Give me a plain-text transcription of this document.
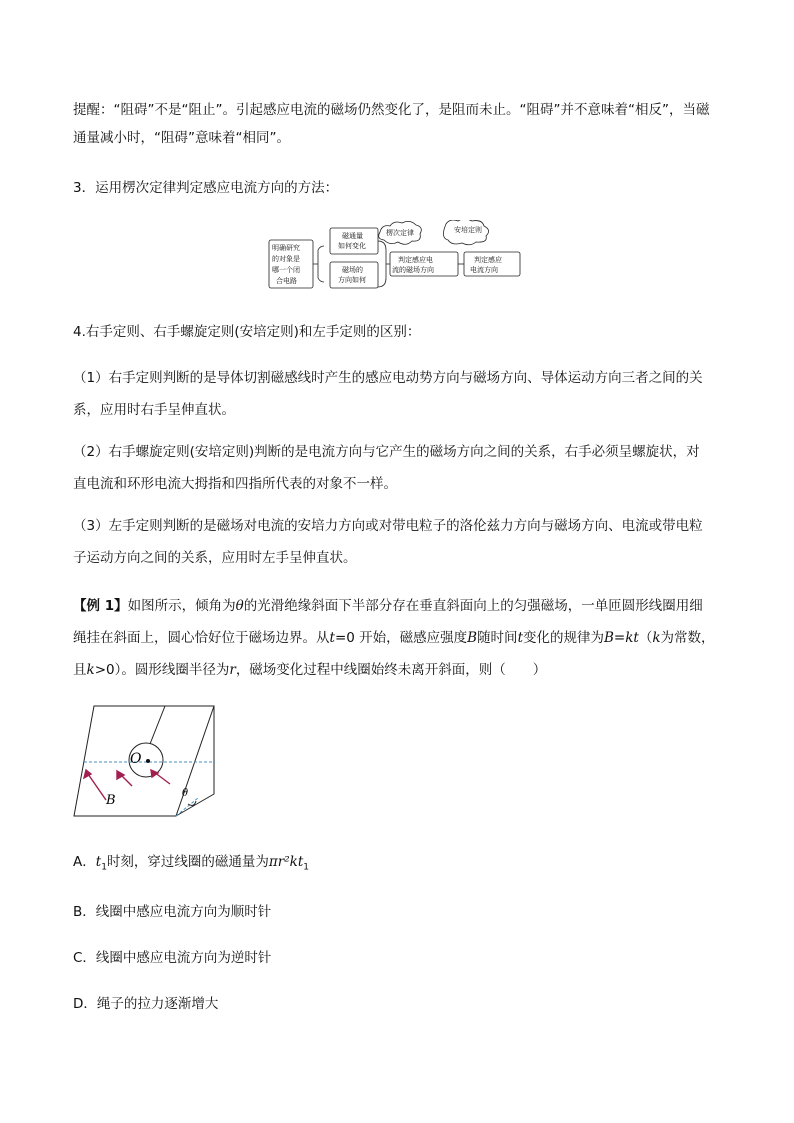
提醒：“阻碍”不是“阻止”。引起感应电流的磁场仍然变化了，是阻而未止。“阻碍”并不意味着“相反”，当磁
通量减小时，“阻碍”意味着“相同”。
3．运用楞次定律判定感应电流方向的方法：
明确研究
的对象是
哪一个闭
合电路
磁通量
如何变化
磁场的
方向如何
楞次定律	安培定则
判定感应电
流的磁场方向
判定感应
电流方向
4.右手定则、右手螺旋定则(安培定则)和左手定则的区别：
（1）右手定则判断的是导体切割磁感线时产生的感应电动势方向与磁场方向、导体运动方向三者之间的关
系，应用时右手呈伸直状。
（2）右手螺旋定则(安培定则)判断的是电流方向与它产生的磁场方向之间的关系，右手必须呈螺旋状，对
直电流和环形电流大拇指和四指所代表的对象不一样。
（3）左手定则判断的是磁场对电流的安培力方向或对带电粒子的洛伦兹力方向与磁场方向、电流或带电粒
子运动方向之间的关系，应用时左手呈伸直状。
【例 1】如图所示，倾角为θ的光滑绝缘斜面下半部分存在垂直斜面向上的匀强磁场，一单匝圆形线圈用细
绳挂在斜面上，圆心恰好位于磁场边界。从t=0 开始，磁感应强度B随时间t变化的规律为B=kt（k为常数，
且k>0）。圆形线圈半径为r，磁场变化过程中线圈始终未离开斜面，则（　　）
O
B	θ
A．$t_1$时刻，穿过线圈的磁通量为$\pi r^2kt_1$
B．线圈中感应电流方向为顺时针
C．线圈中感应电流方向为逆时针
D．绳子的拉力逐渐增大
